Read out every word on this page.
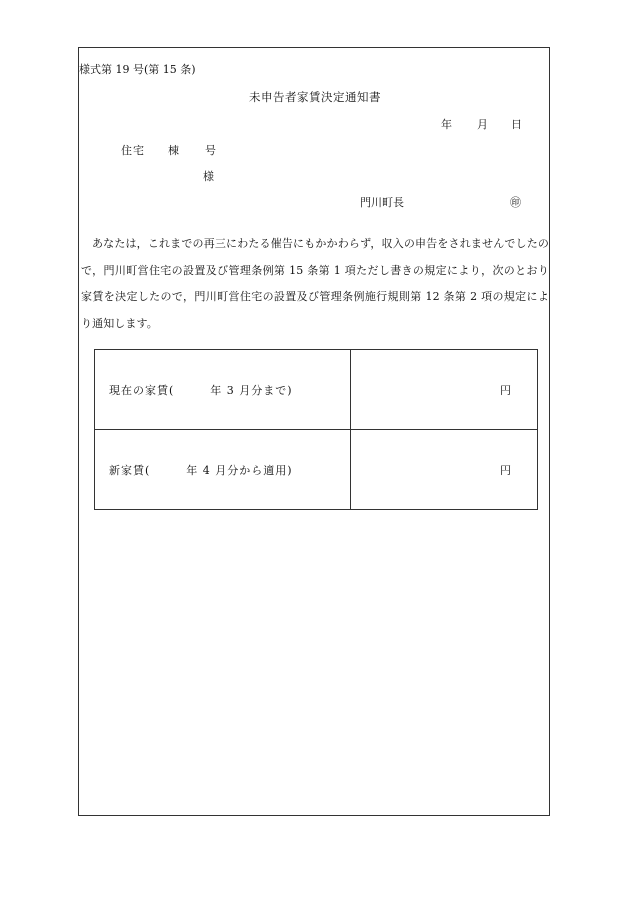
様式第 19 号(第 15 条)
未申告者家賃決定通知書
年 月 日
住宅 棟 号
様
門川町長	㊞
あなたは，これまでの再三にわたる催告にもかかわらず，収入の申告をされませんでしたので，門川町営住宅の設置及び管理条例第 15 条第 1 項ただし書きの規定により，次のとおり家賃を決定したので，門川町営住宅の設置及び管理条例施行規則第 12 条第 2 項の規定により通知します。
現在の家賃(　　　年 3 月分まで)	円
新家賃(　　　年 4 月分から適用)	円
